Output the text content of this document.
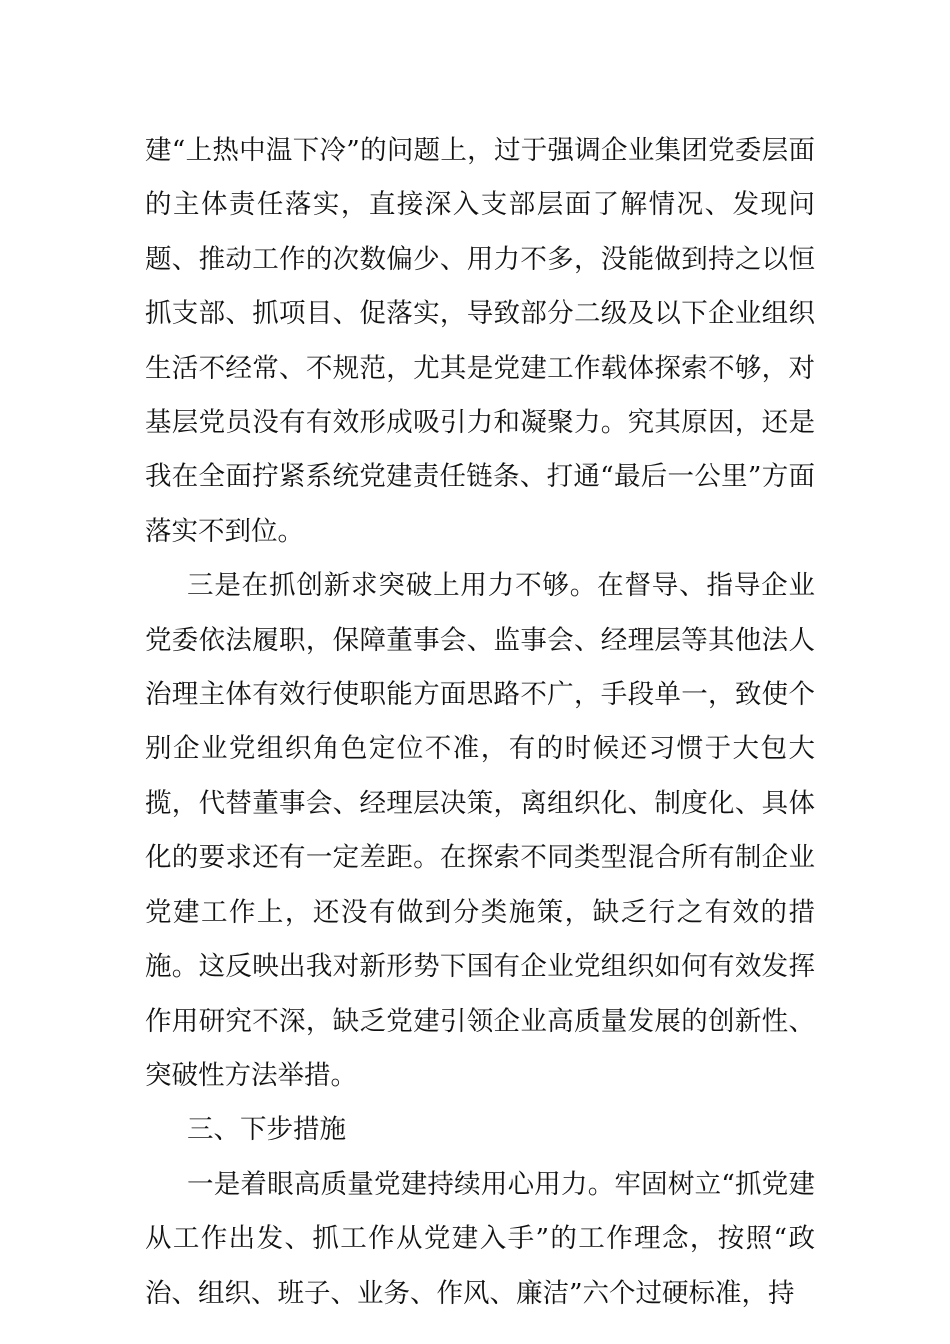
建“上热中温下冷”的问题上，过于强调企业集团党委层面的主体责任落实，直接深入支部层面了解情况、发现问题、推动工作的次数偏少、用力不多，没能做到持之以恒抓支部、抓项目、促落实，导致部分二级及以下企业组织生活不经常、不规范，尤其是党建工作载体探索不够，对基层党员没有有效形成吸引力和凝聚力。究其原因，还是我在全面拧紧系统党建责任链条、打通“最后一公里”方面落实不到位。

三是在抓创新求突破上用力不够。在督导、指导企业党委依法履职，保障董事会、监事会、经理层等其他法人治理主体有效行使职能方面思路不广，手段单一，致使个别企业党组织角色定位不准，有的时候还习惯于大包大揽，代替董事会、经理层决策，离组织化、制度化、具体化的要求还有一定差距。在探索不同类型混合所有制企业党建工作上，还没有做到分类施策，缺乏行之有效的措施。这反映出我对新形势下国有企业党组织如何有效发挥作用研究不深，缺乏党建引领企业高质量发展的创新性、突破性方法举措。

三、下步措施

一是着眼高质量党建持续用心用力。牢固树立“抓党建从工作出发、抓工作从党建入手”的工作理念，按照“政治、组织、班子、业务、作风、廉洁”六个过硬标准，持
